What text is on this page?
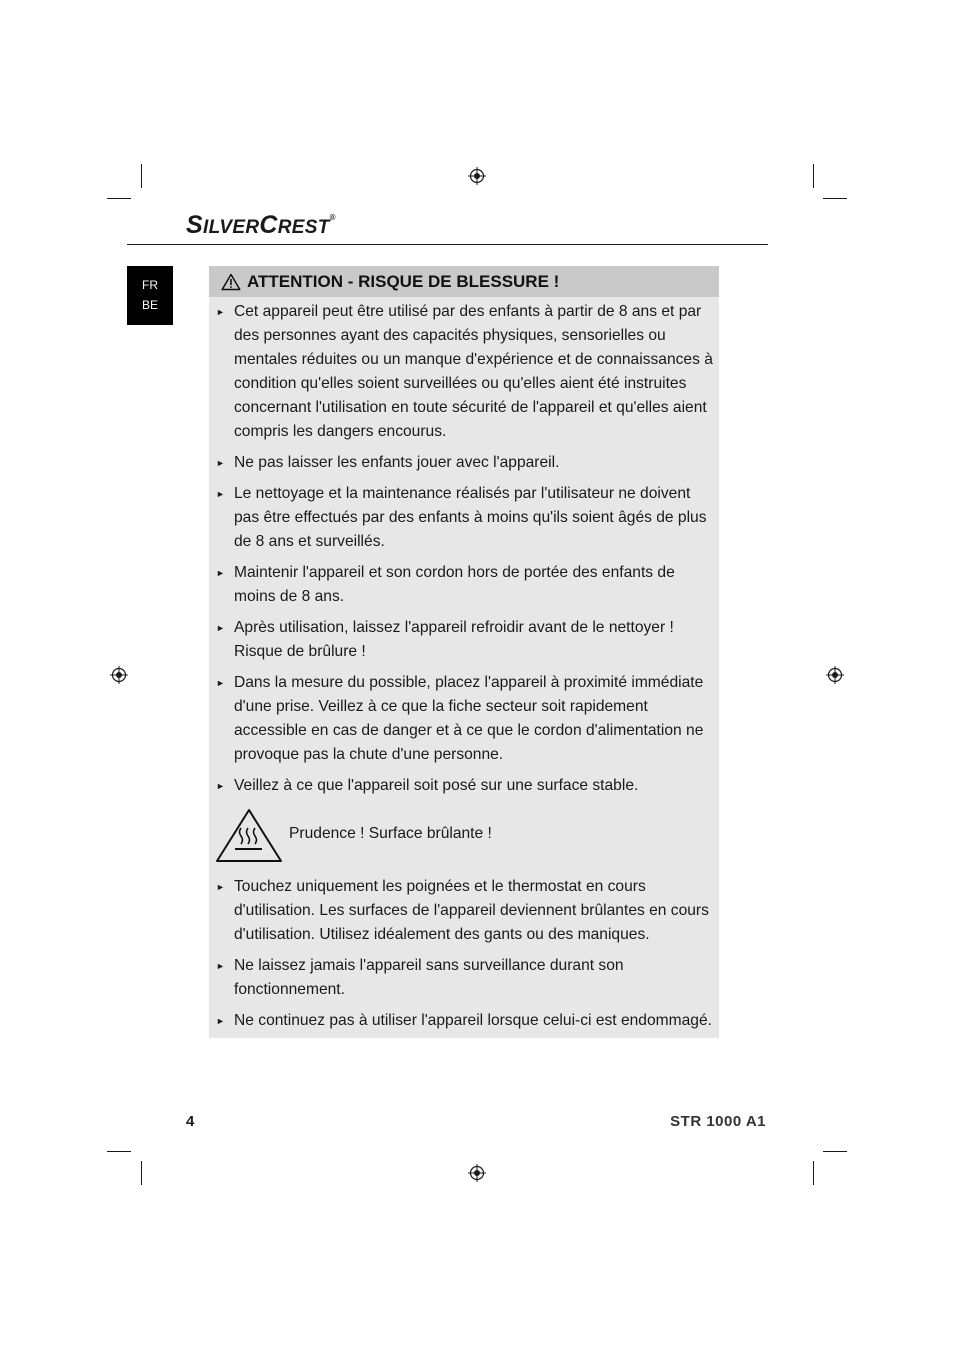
SILVERCREST®
FR
BE
ATTENTION - RISQUE DE BLESSURE !
► Cet appareil peut être utilisé par des enfants à partir de 8 ans et par des personnes ayant des capacités physiques, sensorielles ou mentales réduites ou un manque d'expérience et de connaissances à condition qu'elles soient surveillées ou qu'elles aient été instruites concernant l'utilisation en toute sécurité de l'appareil et qu'elles aient compris les dangers encourus.
► Ne pas laisser les enfants jouer avec l'appareil.
► Le nettoyage et la maintenance réalisés par l'utilisateur ne doivent pas être effectués par des enfants à moins qu'ils soient âgés de plus de 8 ans et surveillés.
► Maintenir l'appareil et son cordon hors de portée des enfants de moins de 8 ans.
► Après utilisation, laissez l'appareil refroidir avant de le nettoyer ! Risque de brûlure !
► Dans la mesure du possible, placez l'appareil à proximité immédiate d'une prise. Veillez à ce que la fiche secteur soit rapidement accessible en cas de danger et à ce que le cordon d'alimentation ne provoque pas la chute d'une personne.
► Veillez à ce que l'appareil soit posé sur une surface stable.
Prudence ! Surface brûlante !
► Touchez uniquement les poignées et le thermostat en cours d'utilisation. Les surfaces de l'appareil deviennent brûlantes en cours d'utilisation. Utilisez idéalement des gants ou des maniques.
► Ne laissez jamais l'appareil sans surveillance durant son fonctionnement.
► Ne continuez pas à utiliser l'appareil lorsque celui-ci est endommagé.
4	STR 1000 A1
